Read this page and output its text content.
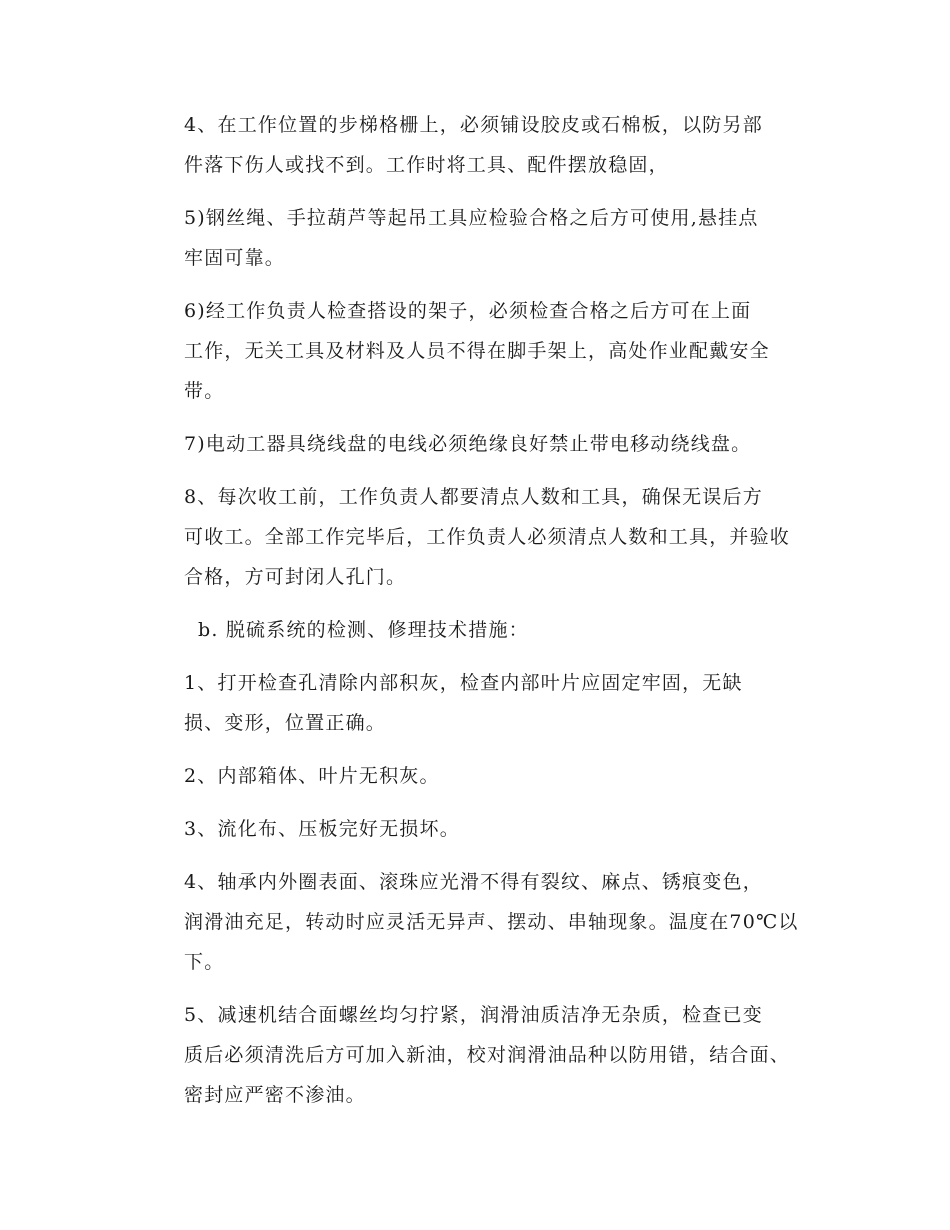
4、在工作位置的步梯格栅上，必须铺设胶皮或石棉板，以防另部
件落下伤人或找不到。工作时将工具、配件摆放稳固，

5)钢丝绳、手拉葫芦等起吊工具应检验合格之后方可使用,悬挂点
牢固可靠。

6)经工作负责人检查搭设的架子，必须检查合格之后方可在上面
工作，无关工具及材料及人员不得在脚手架上，高处作业配戴安全
带。

7)电动工器具绕线盘的电线必须绝缘良好禁止带电移动绕线盘。

8、每次收工前，工作负责人都要清点人数和工具，确保无误后方
可收工。全部工作完毕后，工作负责人必须清点人数和工具，并验收
合格，方可封闭人孔门。

b. 脱硫系统的检测、修理技术措施：

1、打开检查孔清除内部积灰，检查内部叶片应固定牢固，无缺
损、变形，位置正确。

2、内部箱体、叶片无积灰。

3、流化布、压板完好无损坏。

4、轴承内外圈表面、滚珠应光滑不得有裂纹、麻点、锈痕变色，
润滑油充足，转动时应灵活无异声、摆动、串轴现象。温度在70℃以
下。

5、减速机结合面螺丝均匀拧紧，润滑油质洁净无杂质，检查已变
质后必须清洗后方可加入新油，校对润滑油品种以防用错，结合面、
密封应严密不渗油。
